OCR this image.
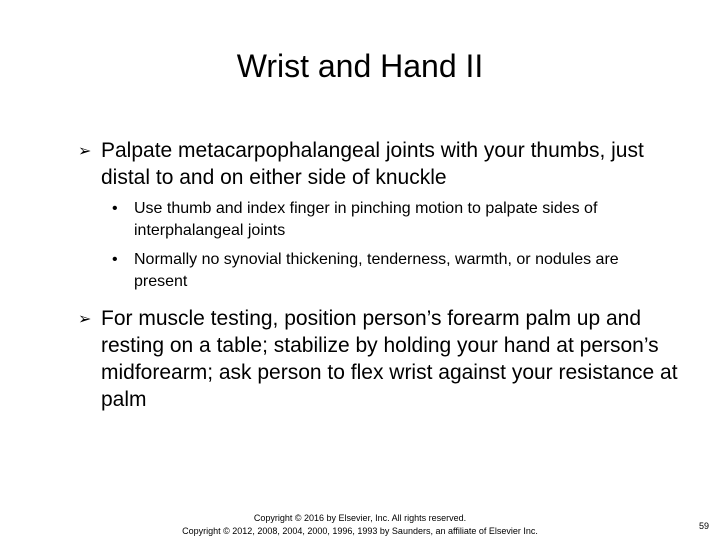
Wrist and Hand II
➢ Palpate metacarpophalangeal joints with your thumbs, just distal to and on either side of knuckle
• Use thumb and index finger in pinching motion to palpate sides of interphalangeal joints
• Normally no synovial thickening, tenderness, warmth, or nodules are present
➢ For muscle testing, position person’s forearm palm up and resting on a table; stabilize by holding your hand at person’s midforearm; ask person to flex wrist against your resistance at palm
Copyright © 2016 by Elsevier, Inc. All rights reserved.
Copyright © 2012, 2008, 2004, 2000, 1996, 1993 by Saunders, an affiliate of Elsevier Inc.	59
